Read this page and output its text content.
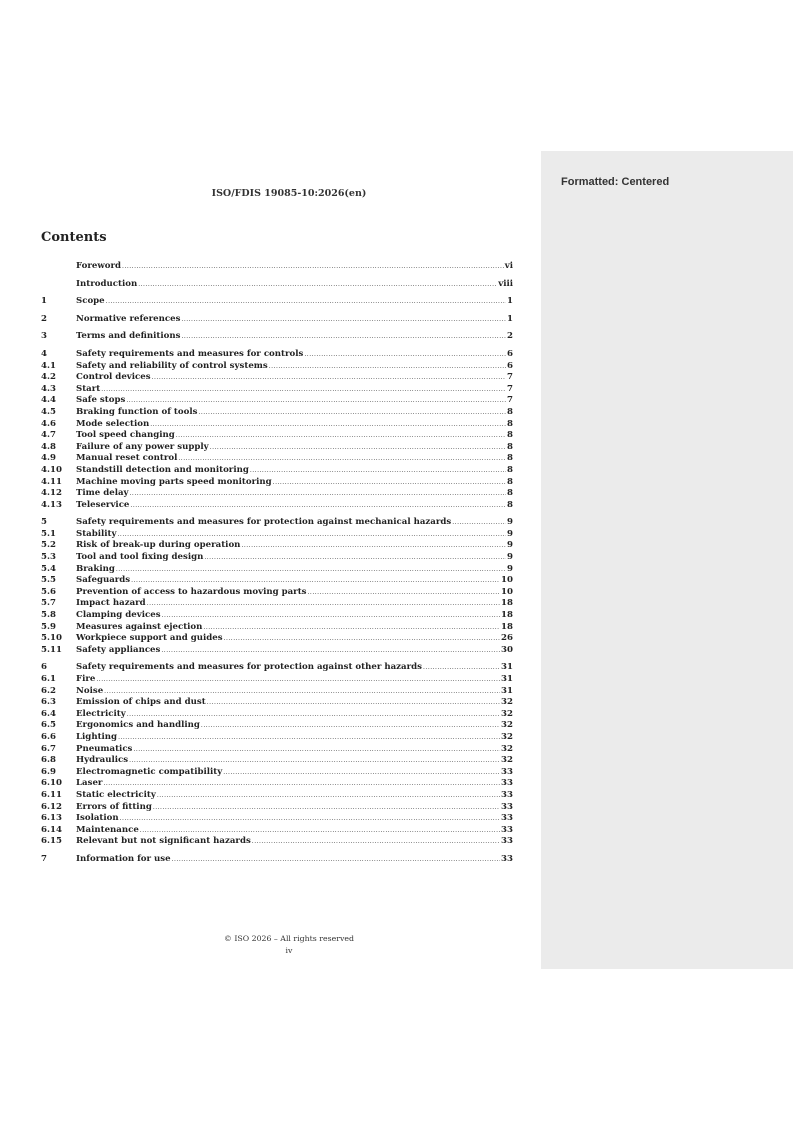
Formatted: Centered
ISO/FDIS 19085-10:2026(en)
Contents
Foreword .....	vi
Introduction .....	viii
1	Scope .....	1
2	Normative references .....	1
3	Terms and definitions .....	2
4	Safety requirements and measures for controls .....	6
4.1	Safety and reliability of control systems .....	6
4.2	Control devices .....	7
4.3	Start .....	7
4.4	Safe stops .....	7
4.5	Braking function of tools .....	8
4.6	Mode selection .....	8
4.7	Tool speed changing .....	8
4.8	Failure of any power supply .....	8
4.9	Manual reset control .....	8
4.10	Standstill detection and monitoring .....	8
4.11	Machine moving parts speed monitoring .....	8
4.12	Time delay .....	8
4.13	Teleservice .....	8
5	Safety requirements and measures for protection against mechanical hazards .....	9
5.1	Stability .....	9
5.2	Risk of break-up during operation .....	9
5.3	Tool and tool fixing design .....	9
5.4	Braking .....	9
5.5	Safeguards .....	10
5.6	Prevention of access to hazardous moving parts .....	10
5.7	Impact hazard .....	18
5.8	Clamping devices .....	18
5.9	Measures against ejection .....	18
5.10	Workpiece support and guides .....	26
5.11	Safety appliances .....	30
6	Safety requirements and measures for protection against other hazards .....	31
6.1	Fire .....	31
6.2	Noise .....	31
6.3	Emission of chips and dust .....	32
6.4	Electricity .....	32
6.5	Ergonomics and handling .....	32
6.6	Lighting .....	32
6.7	Pneumatics .....	32
6.8	Hydraulics .....	32
6.9	Electromagnetic compatibility .....	33
6.10	Laser .....	33
6.11	Static electricity .....	33
6.12	Errors of fitting .....	33
6.13	Isolation .....	33
6.14	Maintenance .....	33
6.15	Relevant but not significant hazards .....	33
7	Information for use .....	33
© ISO 2026 – All rights reserved
iv
